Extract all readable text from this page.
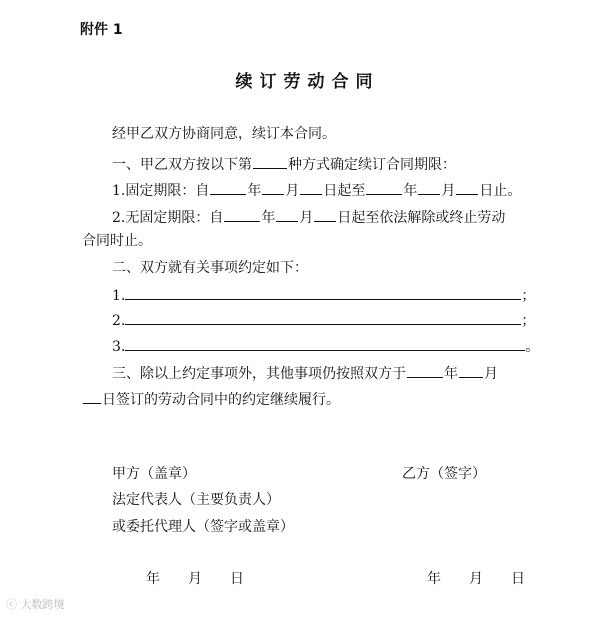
附件 1
续订劳动合同
经甲乙双方协商同意，续订本合同。
一、甲乙双方按以下第	种方式确定续订合同期限：
1.固定期限：自	年 月 日起至	年 月 日止。
2.无固定期限：自	年 月 日起至依法解除或终止劳动
合同时止。
二、双方就有关事项约定如下：
1.	；
2.	；
3.	。
三、除以上约定事项外，其他事项仍按照双方于	年 月
日签订的劳动合同中的约定继续履行。
甲方（盖章）
法定代表人（主要负责人）
或委托代理人（签字或盖章）
年　　月　　日
乙方（签字）
年　　月　　日
ⓒ 大数跨境
